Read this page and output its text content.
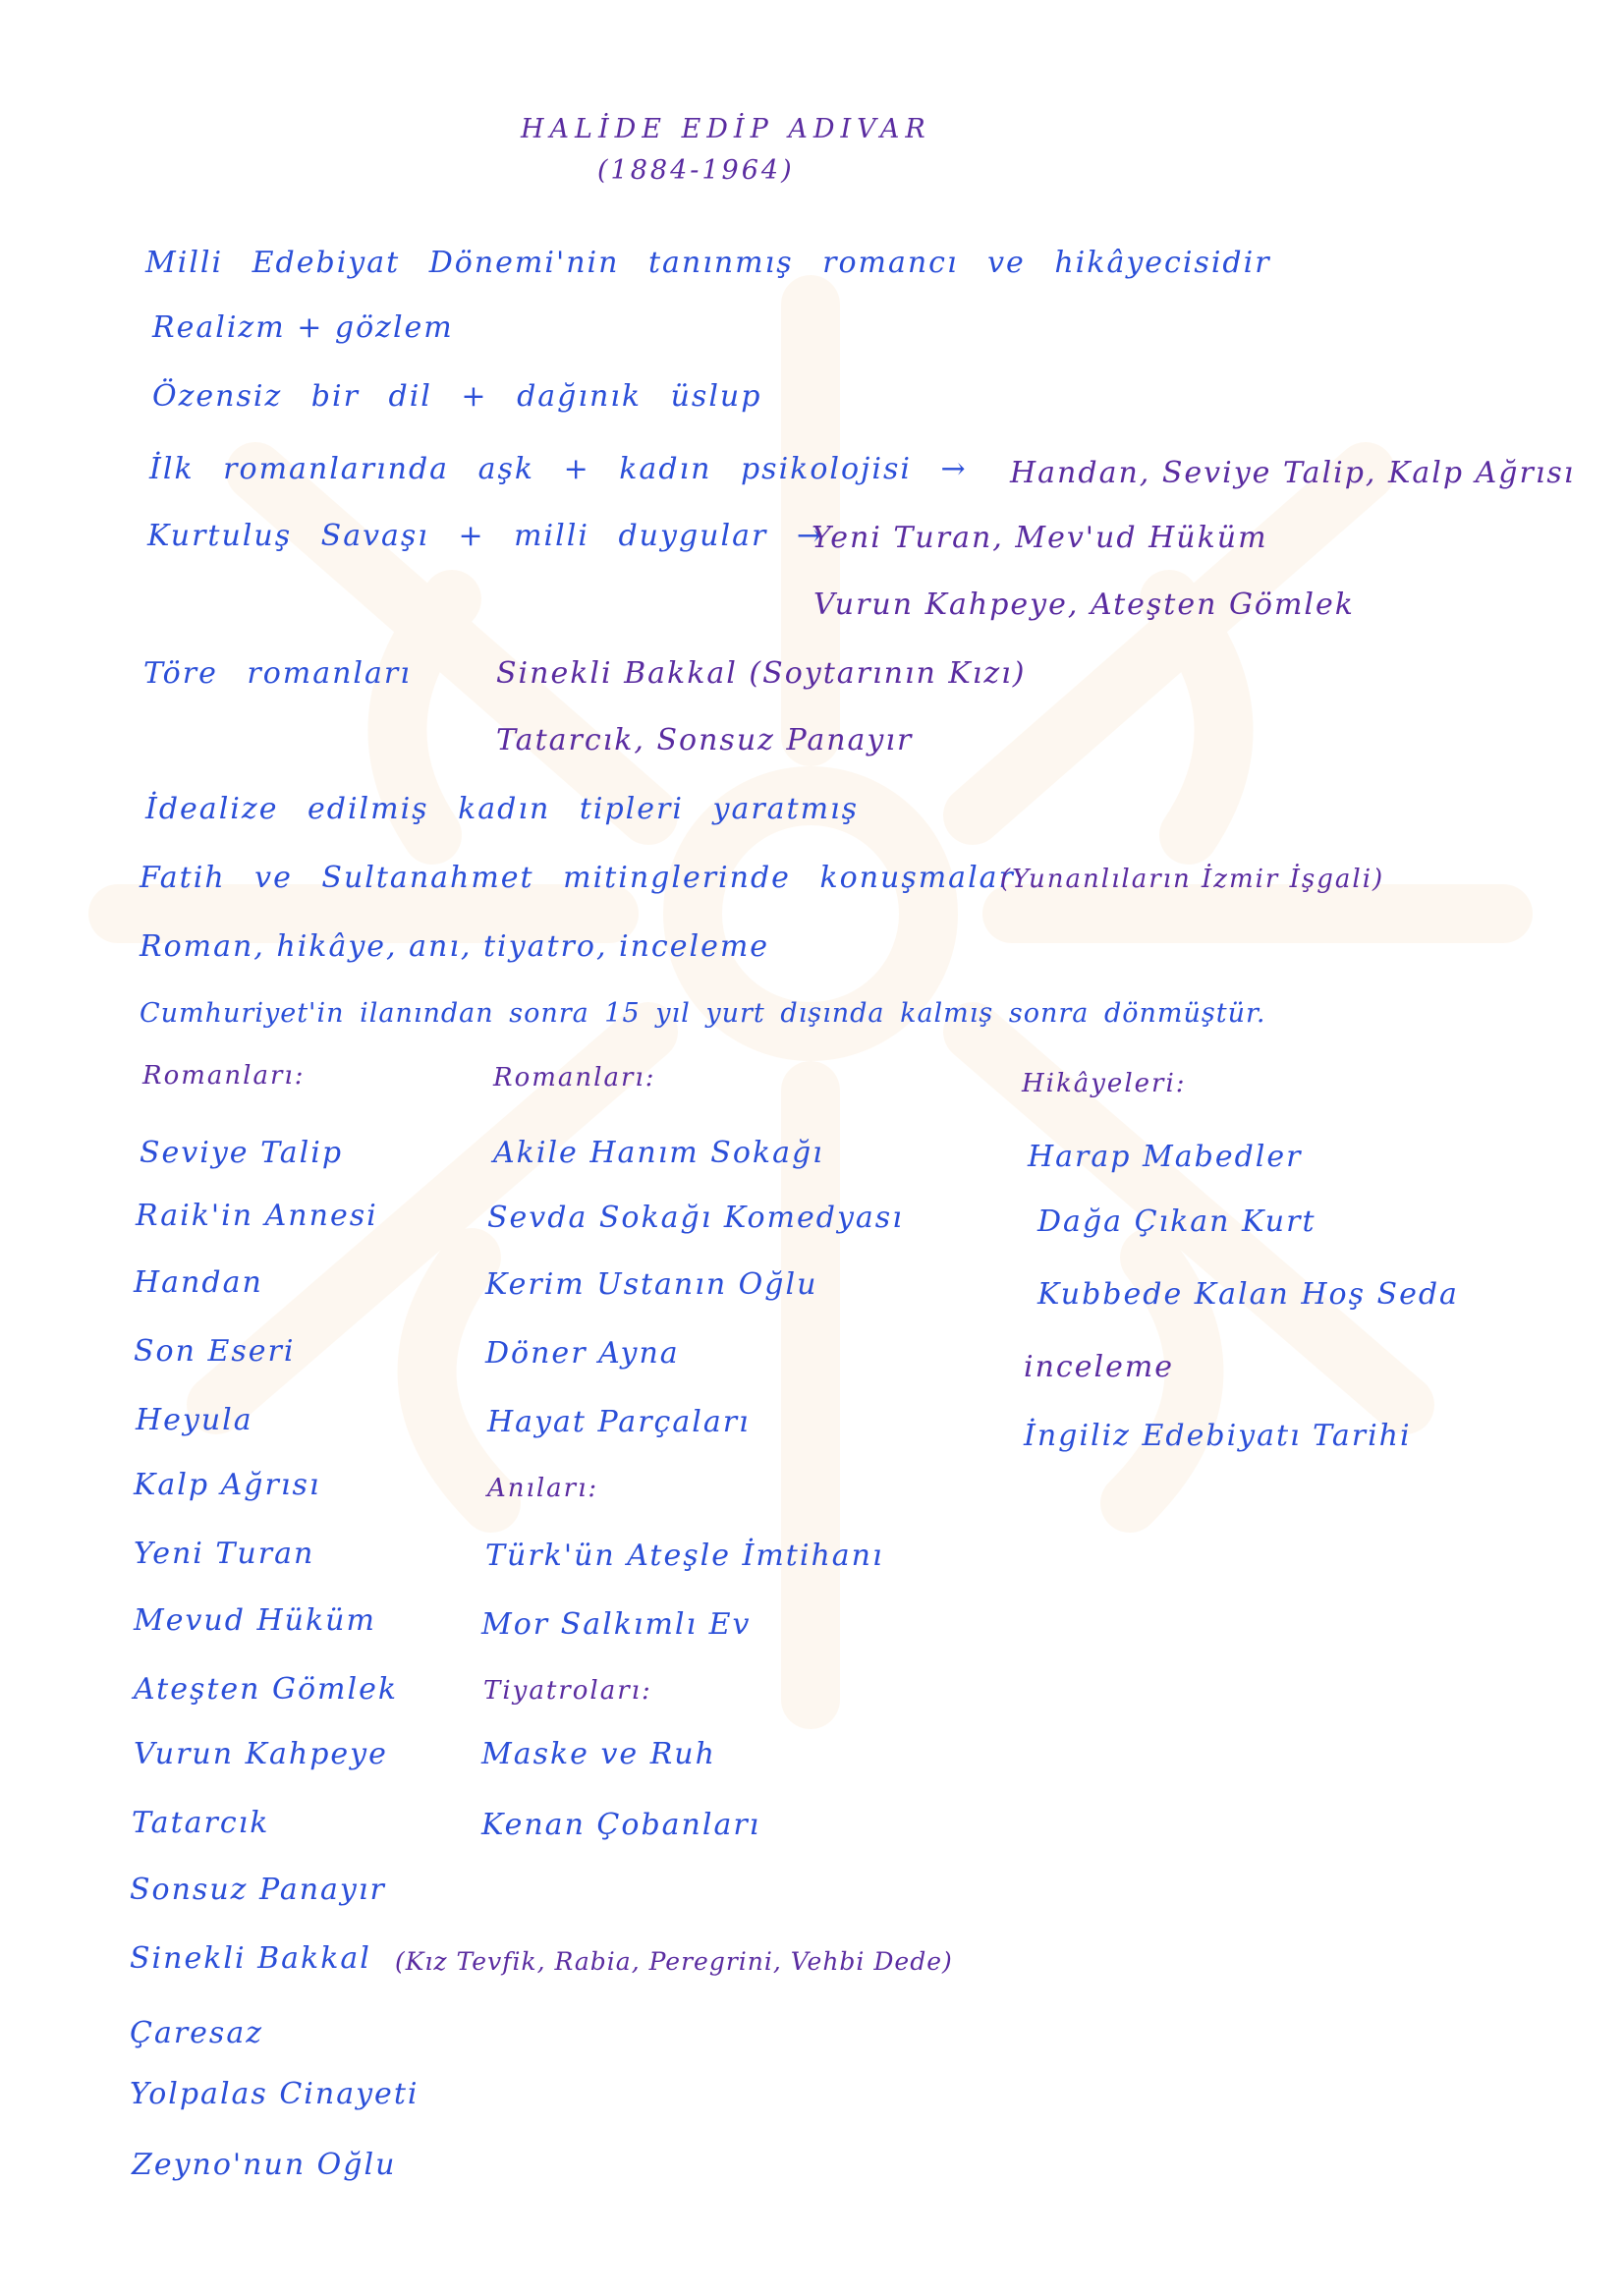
HALİDE EDİP ADIVAR
(1884-1964)
Milli Edebiyat Dönemi'nin tanınmış romancı ve hikâyecisidir
Realizm + gözlem
Özensiz bir dil + dağınık üslup
İlk romanlarında aşk + kadın psikolojisi → Handan, Seviye Talip, Kalp Ağrısı
Kurtuluş Savaşı + milli duygular →
Yeni Turan, Mev'ud Hüküm
Vurun Kahpeye, Ateşten Gömlek
Töre romanları	Sinekli Bakkal (Soytarının Kızı)
Tatarcık, Sonsuz Panayır
İdealize edilmiş kadın tipleri yaratmış
Fatih ve Sultanahmet mitinglerinde konuşmalar
(Yunanlıların İzmir İşgali)
Roman, hikâye, anı, tiyatro, inceleme
Cumhuriyet'in ilanından sonra 15 yıl yurt dışında kalmış sonra dönmüştür.
Romanları:
Seviye Talip
Raik'in Annesi
Handan
Son Eseri
Heyula
Kalp Ağrısı
Yeni Turan
Mevud Hüküm
Ateşten Gömlek
Vurun Kahpeye
Tatarcık
Sonsuz Panayır
Sinekli Bakkal (Kız Tevfik, Rabia, Peregrini, Vehbi Dede)
Çaresaz
Yolpalas Cinayeti
Zeyno'nun Oğlu
Romanları:
Akile Hanım Sokağı
Sevda Sokağı Komedyası
Kerim Ustanın Oğlu
Döner Ayna
Hayat Parçaları
Anıları:
Türk'ün Ateşle İmtihanı
Mor Salkımlı Ev
Tiyatroları:
Maske ve Ruh
Kenan Çobanları
Hikâyeleri:
Harap Mabedler
Dağa Çıkan Kurt
Kubbede Kalan Hoş Seda
inceleme
İngiliz Edebiyatı Tarihi
